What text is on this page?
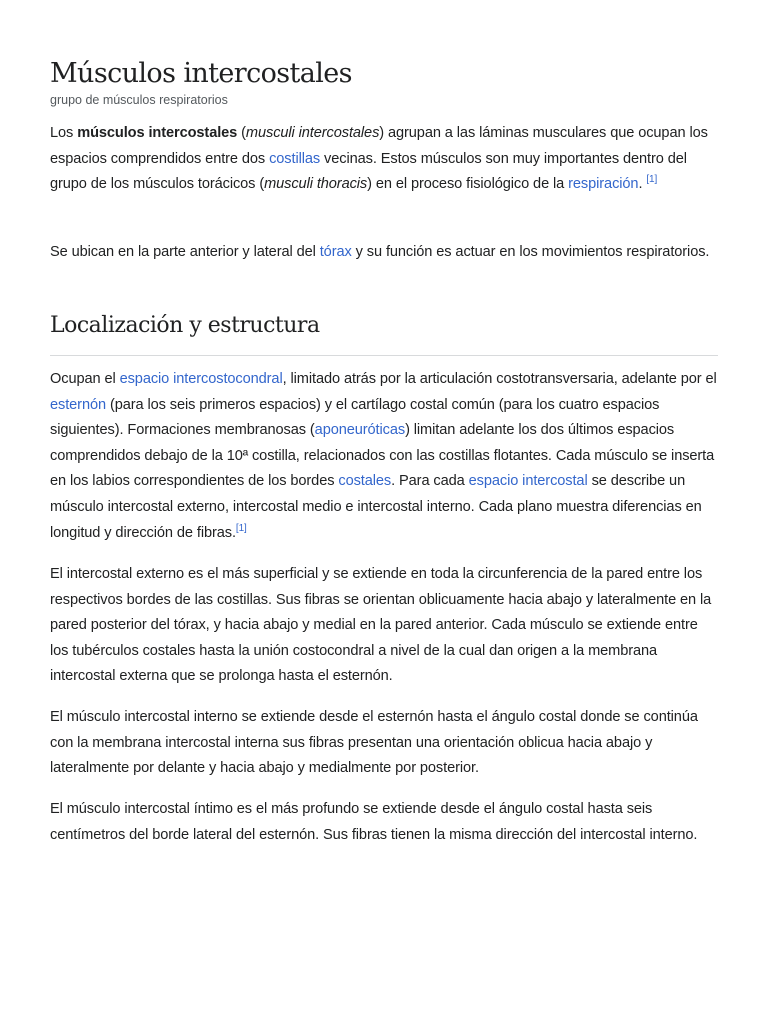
Músculos intercostales
grupo de músculos respiratorios

Los músculos intercostales (musculi intercostales) agrupan a las láminas musculares que ocupan los espacios comprendidos entre dos costillas vecinas. Estos músculos son muy importantes dentro del grupo de los músculos torácicos (musculi thoracis) en el proceso fisiológico de la respiración. [1]

Se ubican en la parte anterior y lateral del tórax y su función es actuar en los movimientos respiratorios.

Localización y estructura

Ocupan el espacio intercostocondral, limitado atrás por la articulación costotransversaria, adelante por el esternón (para los seis primeros espacios) y el cartílago costal común (para los cuatro espacios siguientes). Formaciones membranosas (aponeuróticas) limitan adelante los dos últimos espacios comprendidos debajo de la 10ª costilla, relacionados con las costillas flotantes. Cada músculo se inserta en los labios correspondientes de los bordes costales. Para cada espacio intercostal se describe un músculo intercostal externo, intercostal medio e intercostal interno. Cada plano muestra diferencias en longitud y dirección de fibras.[1]

El intercostal externo es el más superficial y se extiende en toda la circunferencia de la pared entre los respectivos bordes de las costillas. Sus fibras se orientan oblicuamente hacia abajo y lateralmente en la pared posterior del tórax, y hacia abajo y medial en la pared anterior. Cada músculo se extiende entre los tubérculos costales hasta la unión costocondral a nivel de la cual dan origen a la membrana intercostal externa que se prolonga hasta el esternón.

El músculo intercostal interno se extiende desde el esternón hasta el ángulo costal donde se continúa con la membrana intercostal interna sus fibras presentan una orientación oblicua hacia abajo y lateralmente por delante y hacia abajo y medialmente por posterior.

El músculo intercostal íntimo es el más profundo se extiende desde el ángulo costal hasta seis centímetros del borde lateral del esternón. Sus fibras tienen la misma dirección del intercostal interno.
